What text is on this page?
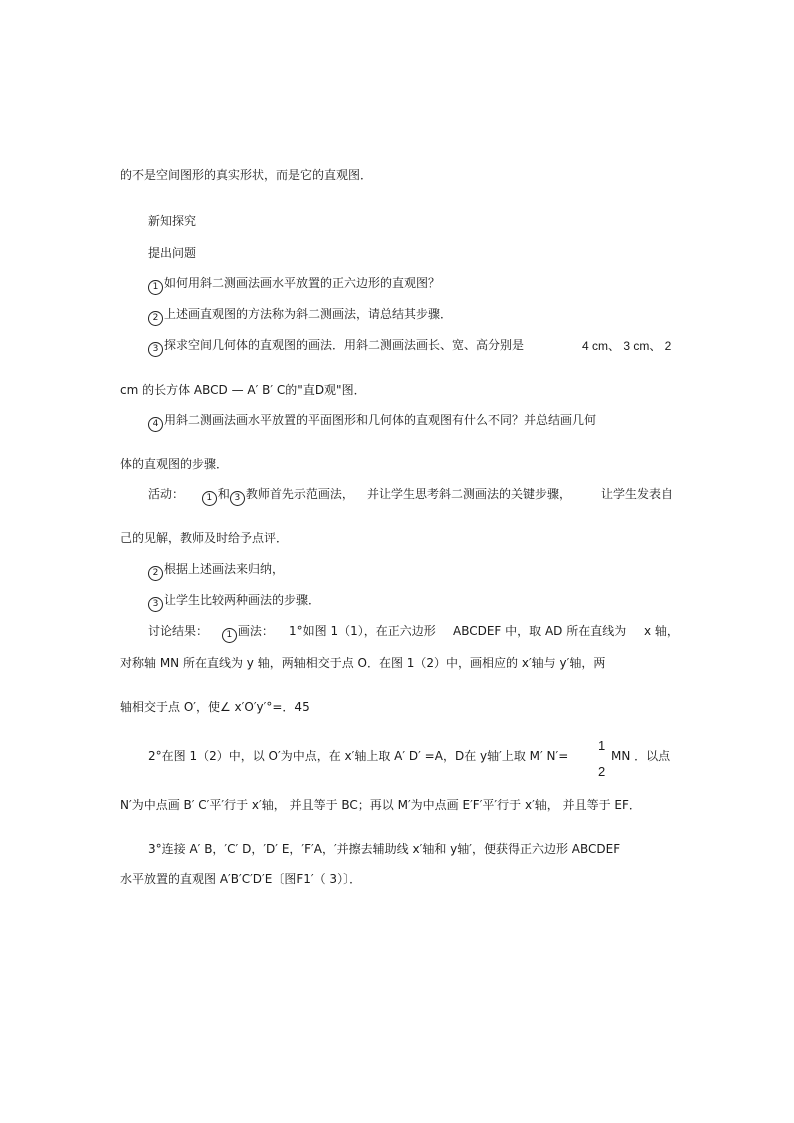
的不是空间图形的真实形状，而是它的直观图．
新知探究
提出问题
1 如何用斜二测画法画水平放置的正六边形的直观图？
2 上述画直观图的方法称为斜二测画法，请总结其步骤．
3 探求空间几何体的直观图的画法．用斜二测画法画长、宽、高分别是	4 cm、 3 cm、 2
cm 的长方体 ABCD — A′ B′ C的"直D观"图．
4 用斜二测画法画水平放置的平面图形和几何体的直观图有什么不同？并总结画几何
体的直观图的步骤．
活动： 1 和 3 教师首先示范画法， 并让学生思考斜二测画法的关键步骤， 让学生发表自
己的见解，教师及时给予点评．
2 根据上述画法来归纳，
3 让学生比较两种画法的步骤．
讨论结果： 1 画法： 1°如图 1（1），在正六边形 ABCDEF 中，取 AD 所在直线为 x 轴，
对称轴 MN 所在直线为 y 轴，两轴相交于点 O．在图 1（2）中，画相应的 x′轴与 y′轴，两
轴相交于点 O′，使∠ x′O′y′°=．45
2°在图 1（2）中，以 O′为中点，在 x′轴上取 A′ D′ =A，D在 y轴′上取 M′ N′=
1
2
MN ．以点
N′为中点画 B′ C′平′行于 x′轴， 并且等于 BC；再以 M′为中点画 E′F′平′行于 x′轴， 并且等于 EF．
3°连接 A′ B，′C′ D，′D′ E，′F′A，′并擦去辅助线 x′轴和 y轴′，便获得正六边形 ABCDEF
水平放置的直观图 A′B′C′D′E〔图F1′（ 3）〕．
